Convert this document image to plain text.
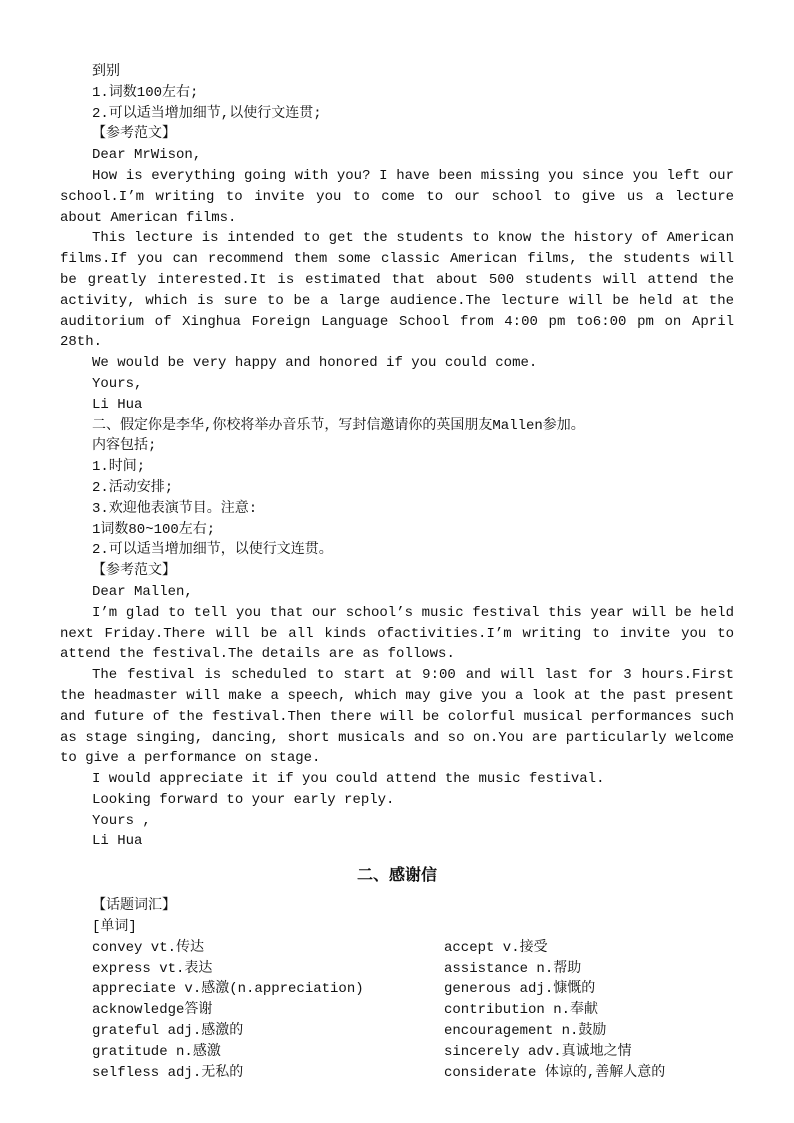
到别
1.词数100左右;
2.可以适当增加细节,以使行文连贯;
【参考范文】
Dear MrWison,
How is everything going with you? I have been missing you since you left our school.I’m writing to invite you to come to our school to give us a lecture about American films.
This lecture is intended to get the students to know the history of American films.If you can recommend them some classic American films, the students will be greatly interested.It is estimated that about 500 students will attend the activity, which is sure to be a large audience.The lecture will be held at the auditorium of Xinghua Foreign Language School from 4:00 pm to6:00 pm on April 28th.
We would be very happy and honored if you could come.
Yours,
Li Hua
二、假定你是李华,你校将举办音乐节，写封信邀请你的英国朋友Mallen参加。
内容包括;
1.时间;
2.活动安排;
3.欢迎他表演节目。注意:
1词数80~100左右;
2.可以适当增加细节，以使行文连贯。
【参考范文】
Dear Mallen,
I’m glad to tell you that our school’s music festival this year will be held next Friday.There will be all kinds ofactivities.I’m writing to invite you to attend the festival.The details are as follows.
The festival is scheduled to start at 9:00 and will last for 3 hours.First the headmaster will make a speech, which may give you a look at the past present and future of the festival.Then there will be colorful musical performances such as stage singing, dancing, short musicals and so on.You are particularly welcome to give a performance on stage.
I would appreciate it if you could attend the music festival.
Looking forward to your early reply.
Yours ,
Li Hua
二、感谢信
【话题词汇】
[单词]
convey vt.传达	accept v.接受
express vt.表达	assistance n.帮助
appreciate v.感激(n.appreciation)	generous adj.慷慨的
acknowledge答谢	contribution n.奉献
grateful adj.感激的	encouragement n.鼓励
gratitude n.感激	sincerely adv.真诚地之情
selfless adj.无私的	considerate 体谅的,善解人意的
